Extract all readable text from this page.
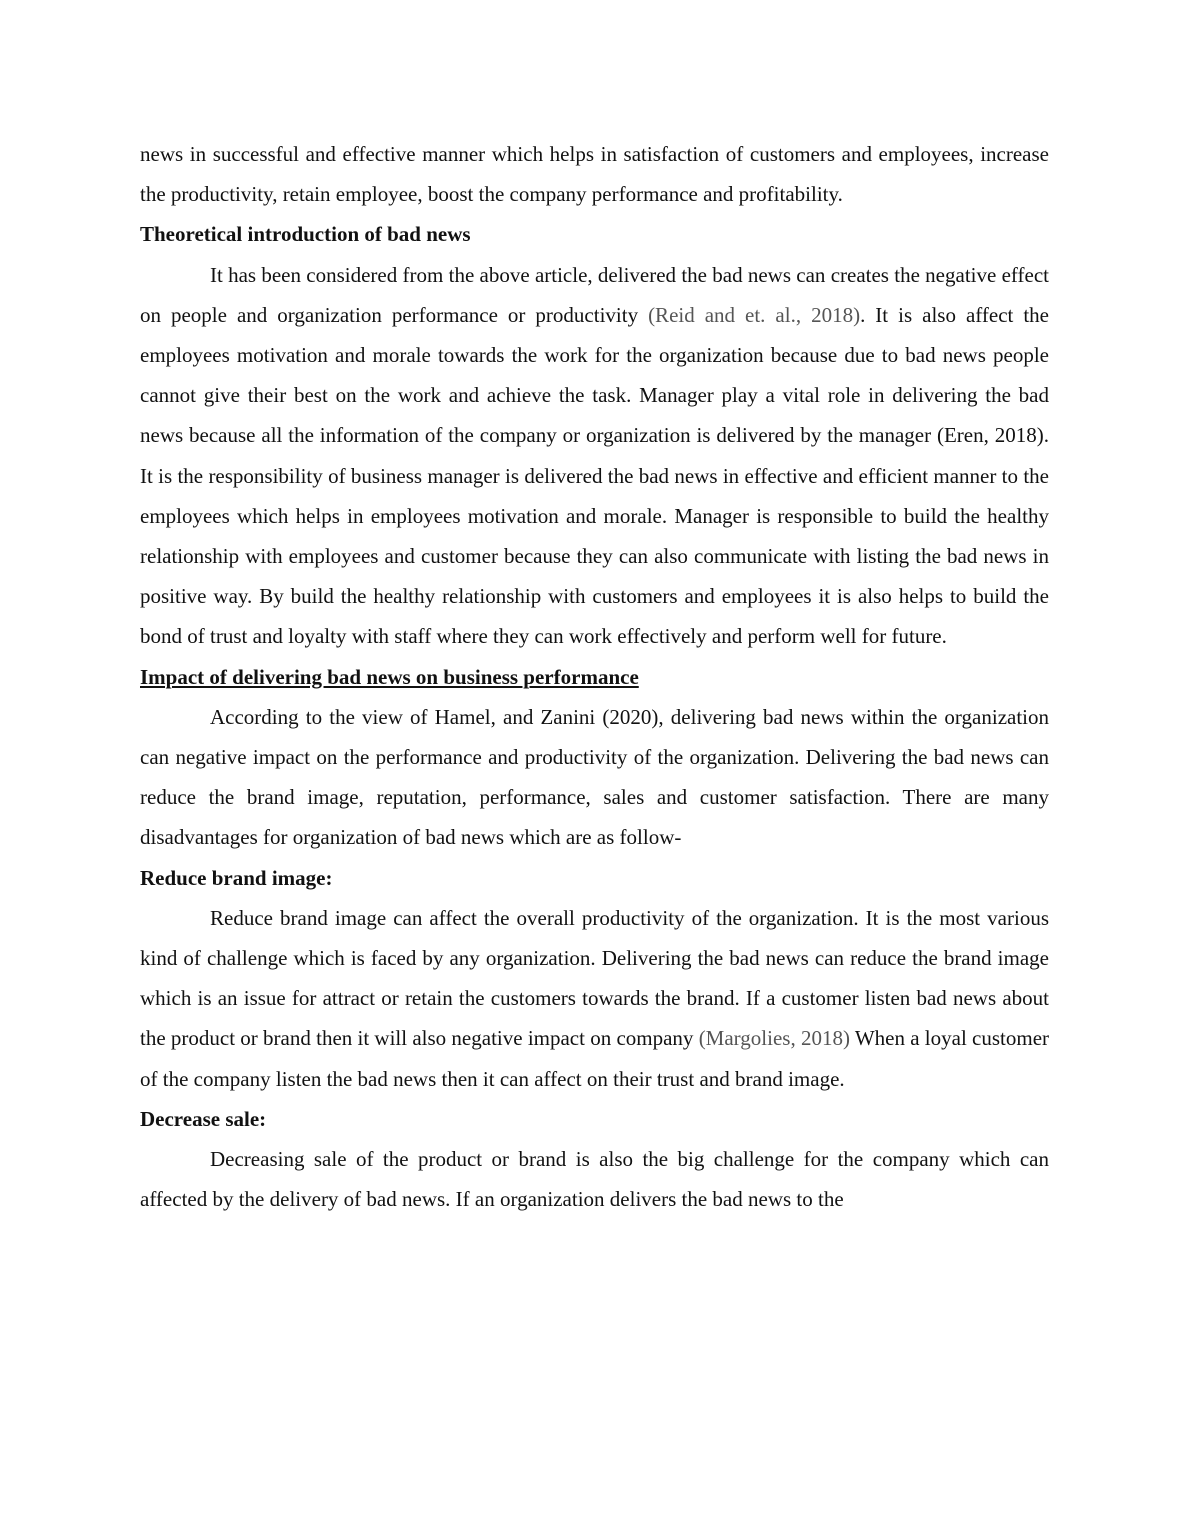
news in successful and effective manner which helps in satisfaction of customers and employees, increase the productivity, retain employee, boost the company performance and profitability.

Theoretical introduction of bad news

It has been considered from the above article, delivered the bad news can creates the negative effect on people and organization performance or productivity (Reid and et. al., 2018). It is also affect the employees motivation and morale towards the work for the organization because due to bad news people cannot give their best on the work and achieve the task. Manager play a vital role in delivering the bad news because all the information of the company or organization is delivered by the manager (Eren, 2018). It is the responsibility of business manager is delivered the bad news in effective and efficient manner to the employees which helps in employees motivation and morale. Manager is responsible to build the healthy relationship with employees and customer because they can also communicate with listing the bad news in positive way. By build the healthy relationship with customers and employees it is also helps to build the bond of trust and loyalty with staff where they can work effectively and perform well for future.

Impact of delivering bad news on business performance

According to the view of Hamel, and Zanini (2020), delivering bad news within the organization can negative impact on the performance and productivity of the organization. Delivering the bad news can reduce the brand image, reputation, performance, sales and customer satisfaction. There are many disadvantages for organization of bad news which are as follow-

Reduce brand image:

Reduce brand image can affect the overall productivity of the organization. It is the most various kind of challenge which is faced by any organization. Delivering the bad news can reduce the brand image which is an issue for attract or retain the customers towards the brand. If a customer listen bad news about the product or brand then it will also negative impact on company (Margolies, 2018) When a loyal customer of the company listen the bad news then it can affect on their trust and brand image.

Decrease sale:

Decreasing sale of the product or brand is also the big challenge for the company which can affected by the delivery of bad news. If an organization delivers the bad news to the
